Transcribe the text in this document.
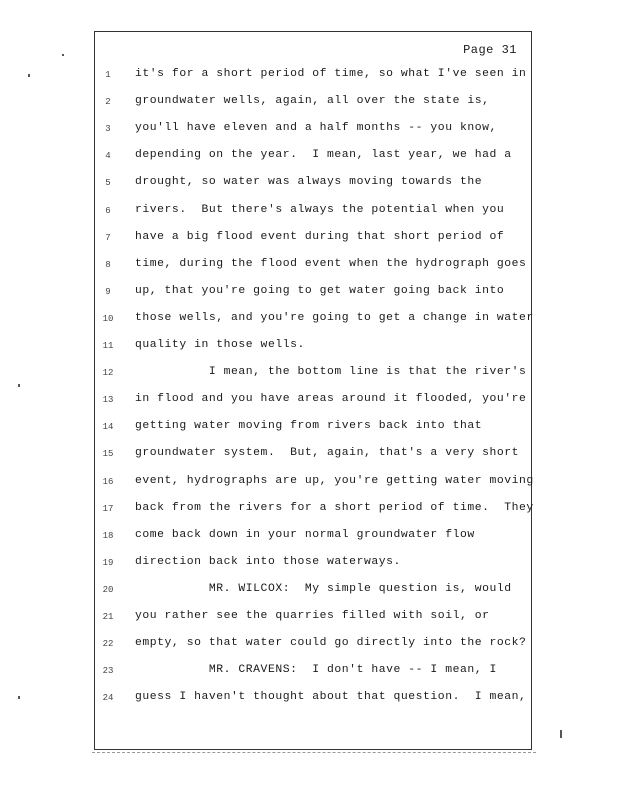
Page 31
1	it's for a short period of time, so what I've seen in
2	groundwater wells, again, all over the state is,
3	you'll have eleven and a half months -- you know,
4	depending on the year.  I mean, last year, we had a
5	drought, so water was always moving towards the
6	rivers.  But there's always the potential when you
7	have a big flood event during that short period of
8	time, during the flood event when the hydrograph goes
9	up, that you're going to get water going back into
10	those wells, and you're going to get a change in water
11	quality in those wells.
12	I mean, the bottom line is that the river's
13	in flood and you have areas around it flooded, you're
14	getting water moving from rivers back into that
15	groundwater system.  But, again, that's a very short
16	event, hydrographs are up, you're getting water moving
17	back from the rivers for a short period of time.  They
18	come back down in your normal groundwater flow
19	direction back into those waterways.
20	MR. WILCOX:  My simple question is, would
21	you rather see the quarries filled with soil, or
22	empty, so that water could go directly into the rock?
23	MR. CRAVENS:  I don't have -- I mean, I
24	guess I haven't thought about that question.  I mean,
